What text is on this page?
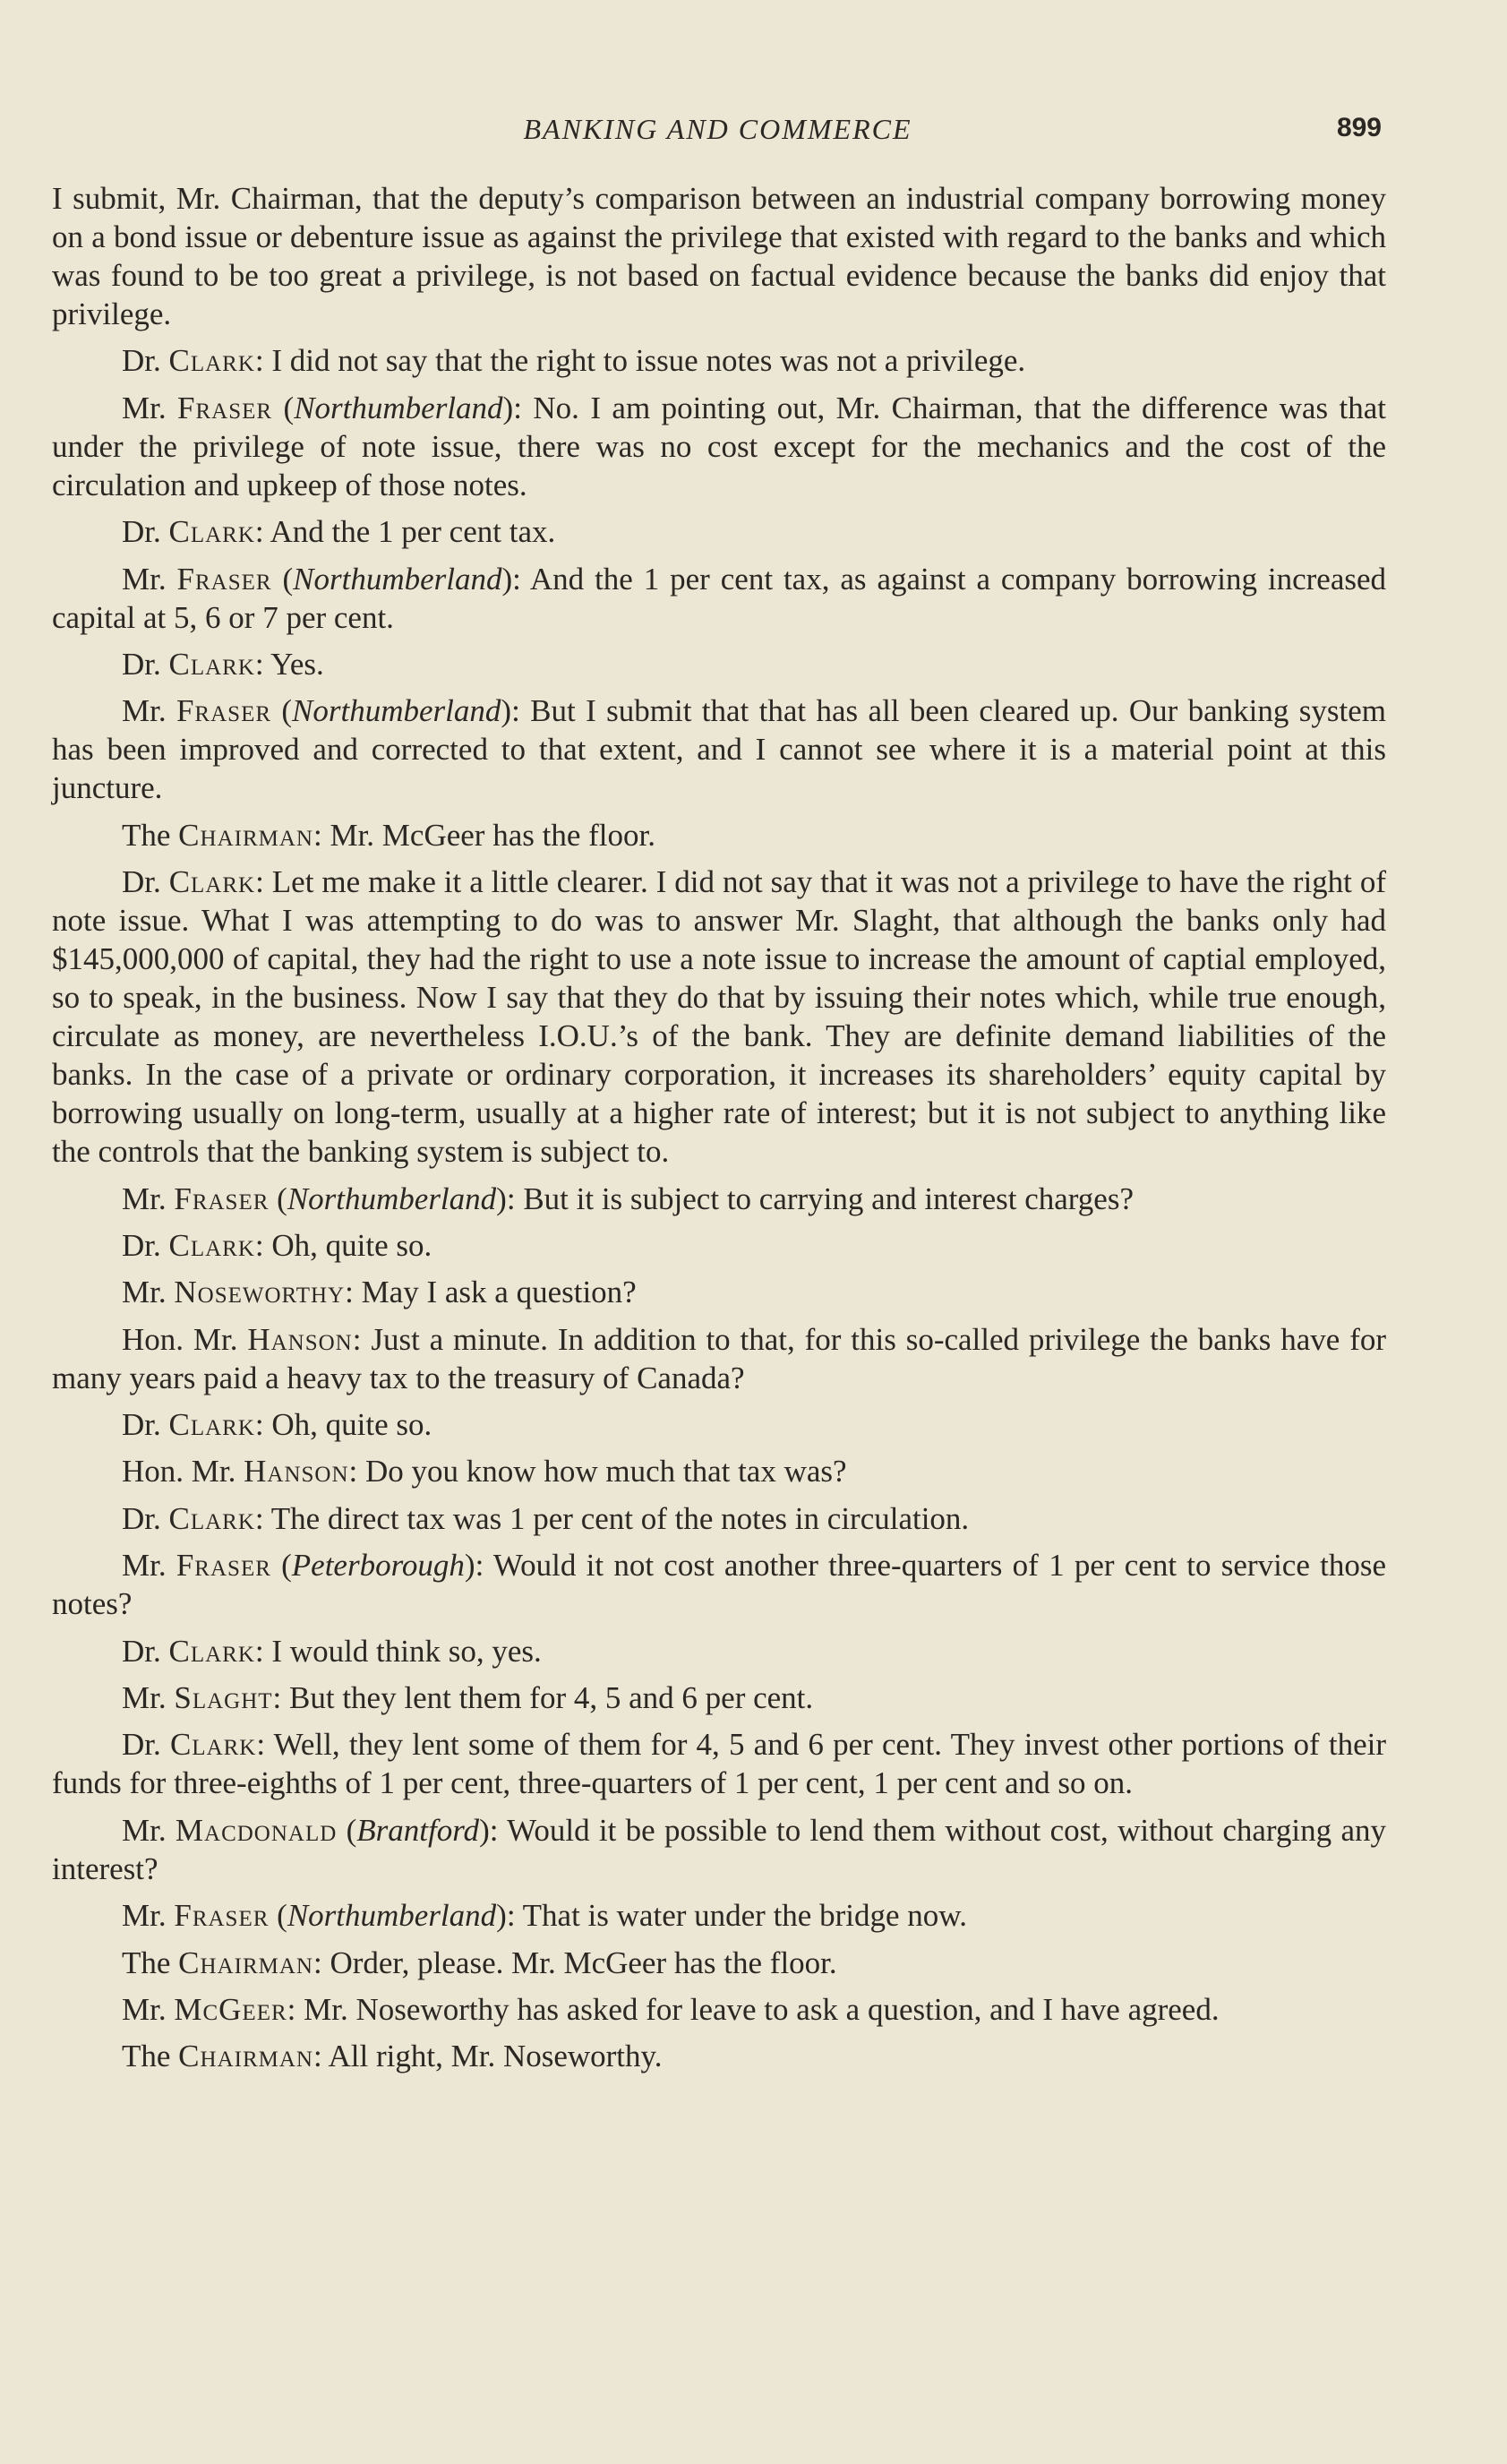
BANKING AND COMMERCE	899

I submit, Mr. Chairman, that the deputy’s comparison between an industrial company borrowing money on a bond issue or debenture issue as against the privilege that existed with regard to the banks and which was found to be too great a privilege, is not based on factual evidence because the banks did enjoy that privilege.

Dr. Clark: I did not say that the right to issue notes was not a privilege.

Mr. Fraser (Northumberland): No. I am pointing out, Mr. Chairman, that the difference was that under the privilege of note issue, there was no cost except for the mechanics and the cost of the circulation and upkeep of those notes.

Dr. Clark: And the 1 per cent tax.

Mr. Fraser (Northumberland): And the 1 per cent tax, as against a company borrowing increased capital at 5, 6 or 7 per cent.

Dr. Clark: Yes.

Mr. Fraser (Northumberland): But I submit that that has all been cleared up. Our banking system has been improved and corrected to that extent, and I cannot see where it is a material point at this juncture.

The Chairman: Mr. McGeer has the floor.

Dr. Clark: Let me make it a little clearer. I did not say that it was not a privilege to have the right of note issue. What I was attempting to do was to answer Mr. Slaght, that although the banks only had $145,000,000 of capital, they had the right to use a note issue to increase the amount of captial employed, so to speak, in the business. Now I say that they do that by issuing their notes which, while true enough, circulate as money, are nevertheless I.O.U.’s of the bank. They are definite demand liabilities of the banks. In the case of a private or ordinary corporation, it increases its shareholders’ equity capital by borrowing usually on long-term, usually at a higher rate of interest; but it is not subject to anything like the controls that the banking system is subject to.

Mr. Fraser (Northumberland): But it is subject to carrying and interest charges?

Dr. Clark: Oh, quite so.

Mr. Noseworthy: May I ask a question?

Hon. Mr. Hanson: Just a minute. In addition to that, for this so-called privilege the banks have for many years paid a heavy tax to the treasury of Canada?

Dr. Clark: Oh, quite so.

Hon. Mr. Hanson: Do you know how much that tax was?

Dr. Clark: The direct tax was 1 per cent of the notes in circulation.

Mr. Fraser (Peterborough): Would it not cost another three-quarters of 1 per cent to service those notes?

Dr. Clark: I would think so, yes.

Mr. Slaght: But they lent them for 4, 5 and 6 per cent.

Dr. Clark: Well, they lent some of them for 4, 5 and 6 per cent. They invest other portions of their funds for three-eighths of 1 per cent, three-quarters of 1 per cent, 1 per cent and so on.

Mr. Macdonald (Brantford): Would it be possible to lend them without cost, without charging any interest?

Mr. Fraser (Northumberland): That is water under the bridge now.

The Chairman: Order, please. Mr. McGeer has the floor.

Mr. McGeer: Mr. Noseworthy has asked for leave to ask a question, and I have agreed.

The Chairman: All right, Mr. Noseworthy.
